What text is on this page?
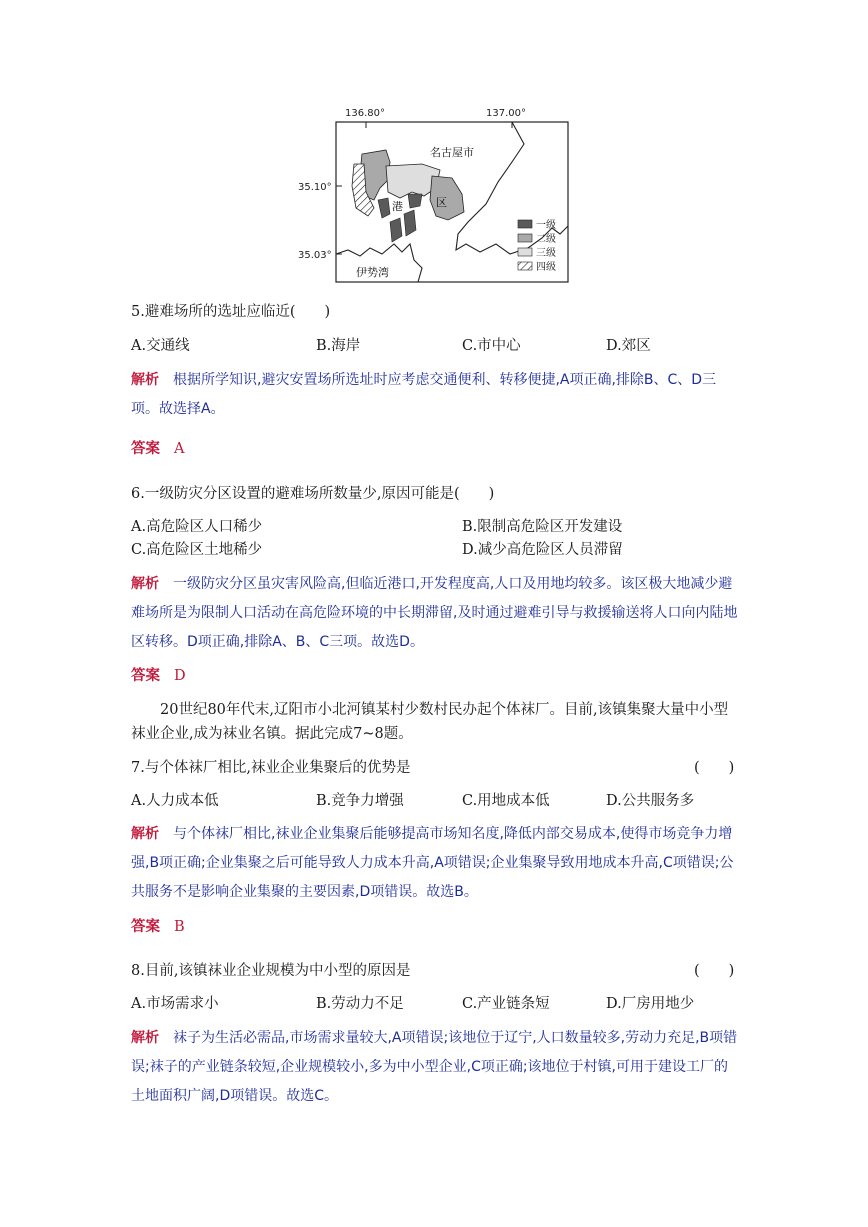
136.80°	137.00°
35.10°
35.03°
名古屋市
港	区
伊势湾
一级
二级
三级
四级
5.避难场所的选址应临近(　　)
A.交通线	B.海岸	C.市中心	D.郊区
解析 根据所学知识,避灾安置场所选址时应考虑交通便利、转移便捷,A项正确,排除B、C、D三项。故选择A。
答案 A
6.一级防灾分区设置的避难场所数量少,原因可能是(　　)
A.高危险区人口稀少	B.限制高危险区开发建设
C.高危险区土地稀少	D.减少高危险区人员滞留
解析 一级防灾分区虽灾害风险高,但临近港口,开发程度高,人口及用地均较多。该区极大地减少避难场所是为限制人口活动在高危险环境的中长期滞留,及时通过避难引导与救援输送将人口向内陆地区转移。D项正确,排除A、B、C三项。故选D。
答案 D
20世纪80年代末,辽阳市小北河镇某村少数村民办起个体袜厂。目前,该镇集聚大量中小型袜业企业,成为袜业名镇。据此完成7~8题。
7.与个体袜厂相比,袜业企业集聚后的优势是	(　　)
A.人力成本低	B.竞争力增强	C.用地成本低	D.公共服务多
解析 与个体袜厂相比,袜业企业集聚后能够提高市场知名度,降低内部交易成本,使得市场竞争力增强,B项正确;企业集聚之后可能导致人力成本升高,A项错误;企业集聚导致用地成本升高,C项错误;公共服务不是影响企业集聚的主要因素,D项错误。故选B。
答案 B
8.目前,该镇袜业企业规模为中小型的原因是	(　　)
A.市场需求小	B.劳动力不足	C.产业链条短	D.厂房用地少
解析 袜子为生活必需品,市场需求量较大,A项错误;该地位于辽宁,人口数量较多,劳动力充足,B项错误;袜子的产业链条较短,企业规模较小,多为中小型企业,C项正确;该地位于村镇,可用于建设工厂的土地面积广阔,D项错误。故选C。
